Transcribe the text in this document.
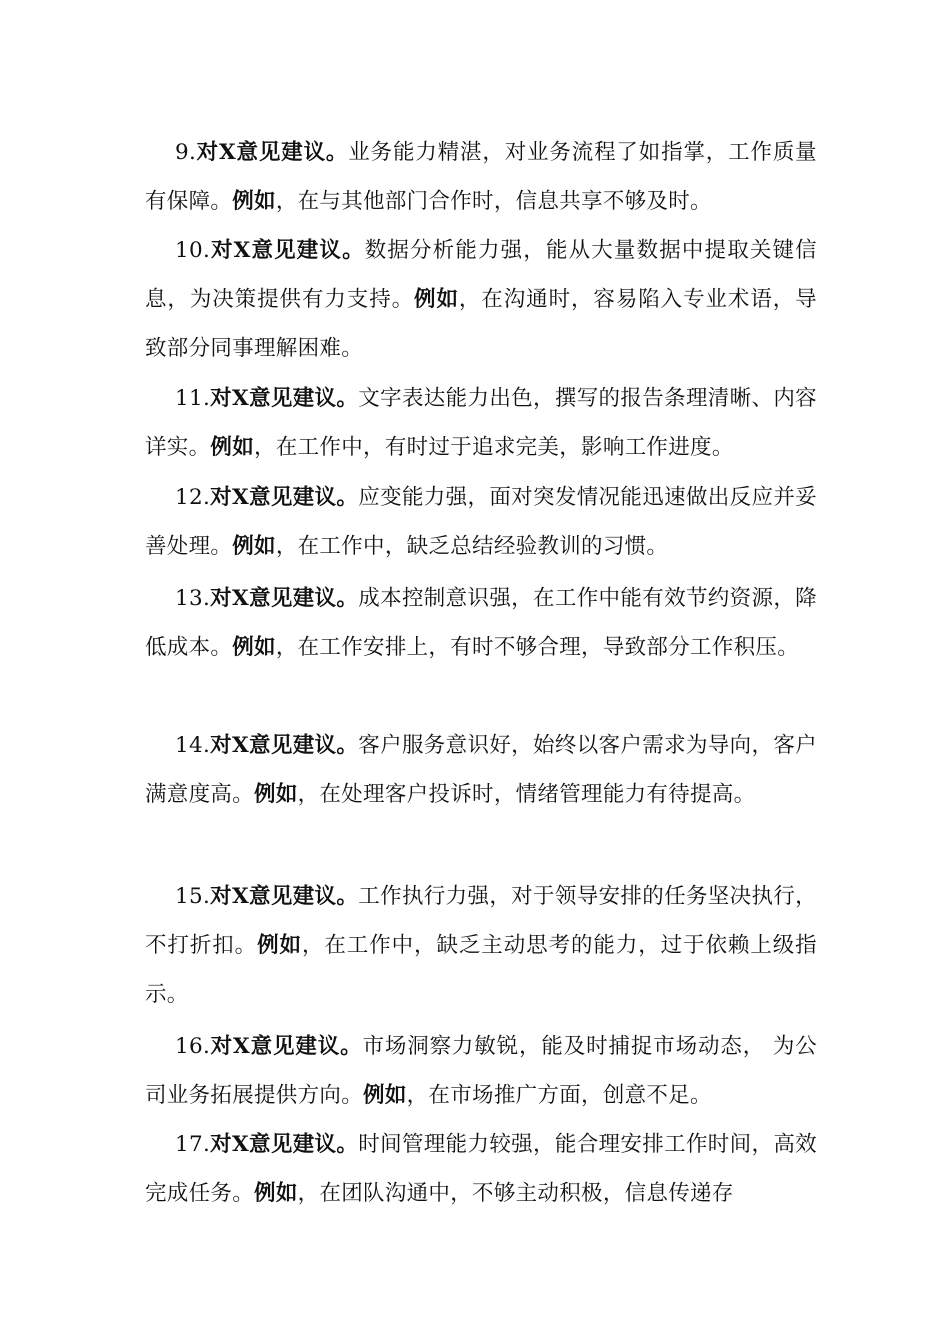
9.对X意见建议。业务能力精湛，对业务流程了如指掌，工作质量有保障。例如，在与其他部门合作时，信息共享不够及时。

10.对X意见建议。数据分析能力强，能从大量数据中提取关键信息，为决策提供有力支持。例如，在沟通时，容易陷入专业术语，导致部分同事理解困难。

11.对X意见建议。文字表达能力出色，撰写的报告条理清晰、内容详实。例如，在工作中，有时过于追求完美，影响工作进度。

12.对X意见建议。应变能力强，面对突发情况能迅速做出反应并妥善处理。例如，在工作中，缺乏总结经验教训的习惯。

13.对X意见建议。成本控制意识强，在工作中能有效节约资源，降低成本。例如，在工作安排上，有时不够合理，导致部分工作积压。

14.对X意见建议。客户服务意识好，始终以客户需求为导向，客户满意度高。例如，在处理客户投诉时，情绪管理能力有待提高。

15.对X意见建议。工作执行力强，对于领导安排的任务坚决执行，不打折扣。例如，在工作中，缺乏主动思考的能力，过于依赖上级指示。

16.对X意见建议。市场洞察力敏锐，能及时捕捉市场动态， 为公司业务拓展提供方向。例如，在市场推广方面，创意不足。

17.对X意见建议。时间管理能力较强，能合理安排工作时间，高效完成任务。例如，在团队沟通中，不够主动积极，信息传递存
